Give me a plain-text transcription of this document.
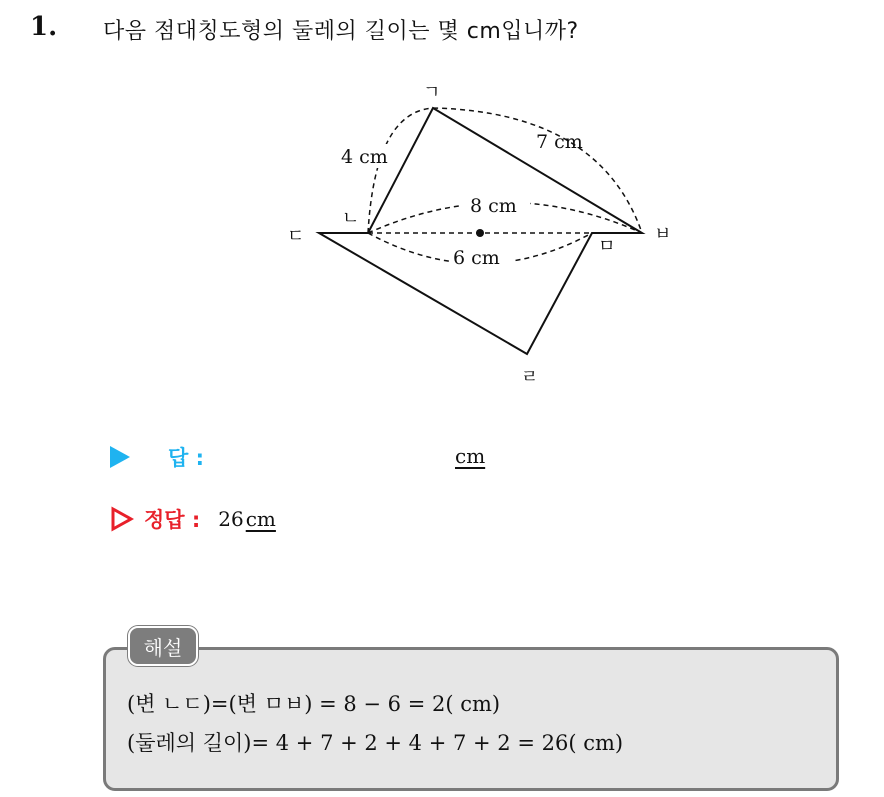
1. 다음 점대칭도형의 둘레의 길이는 몇 cm입니까?
8 cm
6 cm
4 cm
7 cm
ㄱ
ㄴ
ㄷ
ㄹ
ㅁ
ㅂ
답 :	cm
정답 : 26 cm
해설
(변 ㄴㄷ)=(변 ㅁㅂ) = 8 − 6 = 2( cm)
(둘레의 길이)= 4 + 7 + 2 + 4 + 7 + 2 = 26( cm)
